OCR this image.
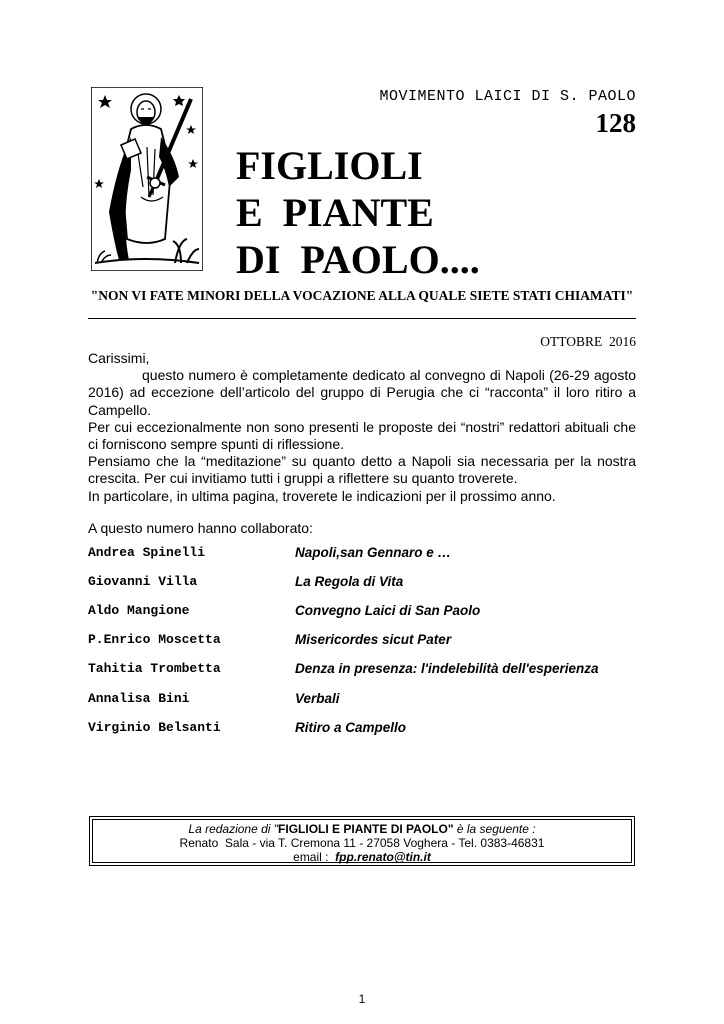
MOVIMENTO LAICI DI S. PAOLO
128
FIGLIOLI
E  PIANTE
DI  PAOLO....
"NON VI FATE MINORI DELLA VOCAZIONE ALLA QUALE SIETE STATI CHIAMATI"
OTTOBRE  2016

Carissimi,

questo numero è completamente dedicato al convegno di Napoli (26-29 agosto 2016) ad eccezione dell’articolo del gruppo di Perugia che ci “racconta” il loro ritiro a Campello.

Per cui eccezionalmente non sono presenti le proposte dei “nostri” redattori abituali che ci forniscono sempre spunti di riflessione.

Pensiamo che la “meditazione” su quanto detto a Napoli sia necessaria per la nostra crescita. Per cui invitiamo tutti i gruppi a riflettere su quanto troverete.

In particolare, in ultima pagina, troverete le indicazioni per il prossimo anno.

A questo numero hanno collaborato:
Andrea Spinelli	Napoli,san Gennaro e …
Giovanni Villa	La Regola di Vita
Aldo Mangione	Convegno Laici di San Paolo
P.Enrico Moscetta	Misericordes sicut Pater
Tahitia Trombetta	Denza in presenza: l'indelebilità dell'esperienza
Annalisa Bini	Verbali
Virginio Belsanti	Ritiro a Campello
La redazione di "FIGLIOLI E PIANTE DI PAOLO" è la seguente :
Renato  Sala - via T. Cremona 11 - 27058 Voghera - Tel. 0383-46831
email :  fpp.renato@tin.it
1
